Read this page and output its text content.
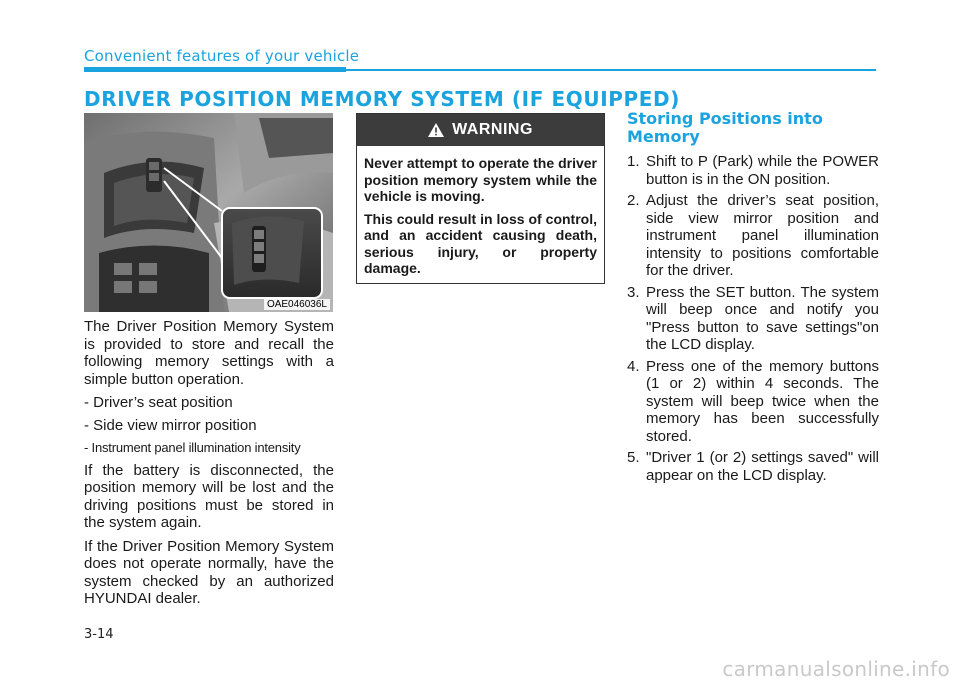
Convenient features of your vehicle
DRIVER POSITION MEMORY SYSTEM (IF EQUIPPED)
OAE046036L

The Driver Position Memory System is provided to store and recall the following memory settings with a simple button operation.

- Driver’s seat position
- Side view mirror position
- Instrument panel illumination intensity

If the battery is disconnected, the position memory will be lost and the driving positions must be stored in the system again.

If the Driver Position Memory System does not operate normally, have the system checked by an authorized HYUNDAI dealer.

WARNING

Never attempt to operate the driver position memory system while the vehicle is moving.

This could result in loss of control, and an accident causing death, serious injury, or property damage.

Storing Positions into Memory
1. Shift to P (Park) while the POWER button is in the ON position.
2. Adjust the driver’s seat position, side view mirror position and instrument panel illumination intensity to positions comfortable for the driver.
3. Press the SET button. The system will beep once and notify you "Press button to save settings"on the LCD display.
4. Press one of the memory buttons (1 or 2) within 4 seconds. The system will beep twice when the memory has been successfully stored.
5. "Driver 1 (or 2) settings saved" will appear on the LCD display.
3-14
carmanualsonline.info
